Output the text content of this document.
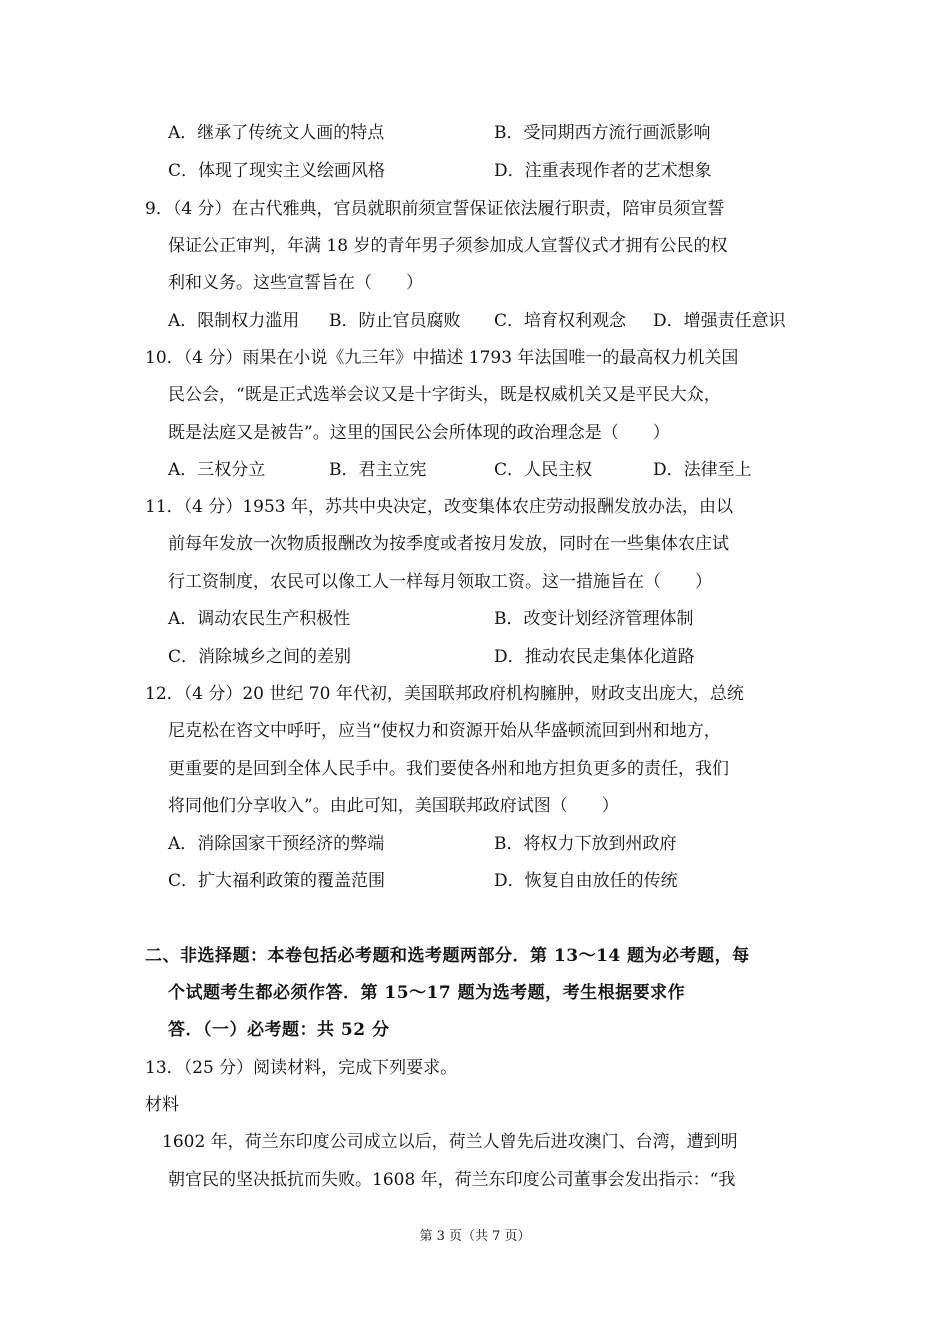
A．继承了传统文人画的特点	B．受同期西方流行画派影响
C．体现了现实主义绘画风格	D．注重表现作者的艺术想象
9．（4 分）在古代雅典，官员就职前须宣誓保证依法履行职责，陪审员须宣誓
保证公正审判，年满 18 岁的青年男子须参加成人宣誓仪式才拥有公民的权
利和义务。这些宣誓旨在（　　）
A．限制权力滥用 B．防止官员腐败 C．培育权利观念 D．增强责任意识
10．（4 分）雨果在小说《九三年》中描述 1793 年法国唯一的最高权力机关国
民公会，“既是正式选举会议又是十字街头，既是权威机关又是平民大众，
既是法庭又是被告”。这里的国民公会所体现的政治理念是（　　）
A．三权分立	B．君主立宪	C．人民主权	D．法律至上
11．（4 分）1953 年，苏共中央决定，改变集体农庄劳动报酬发放办法，由以
前每年发放一次物质报酬改为按季度或者按月发放，同时在一些集体农庄试
行工资制度，农民可以像工人一样每月领取工资。这一措施旨在（　　）
A．调动农民生产积极性	B．改变计划经济管理体制
C．消除城乡之间的差别	D．推动农民走集体化道路
12．（4 分）20 世纪 70 年代初，美国联邦政府机构臃肿，财政支出庞大，总统
尼克松在咨文中呼吁，应当“使权力和资源开始从华盛顿流回到州和地方，
更重要的是回到全体人民手中。我们要使各州和地方担负更多的责任，我们
将同他们分享收入”。由此可知，美国联邦政府试图（　　）
A．消除国家干预经济的弊端	B．将权力下放到州政府
C．扩大福利政策的覆盖范围	D．恢复自由放任的传统
二、非选择题：本卷包括必考题和选考题两部分．第 13～14 题为必考题，每
个试题考生都必须作答．第 15～17 题为选考题，考生根据要求作
答．（一）必考题：共 52 分
13．（25 分）阅读材料，完成下列要求。
材料
1602 年，荷兰东印度公司成立以后，荷兰人曾先后进攻澳门、台湾，遭到明
朝官民的坚决抵抗而失败。1608 年，荷兰东印度公司董事会发出指示：“我
第 3 页（共 7 页）
